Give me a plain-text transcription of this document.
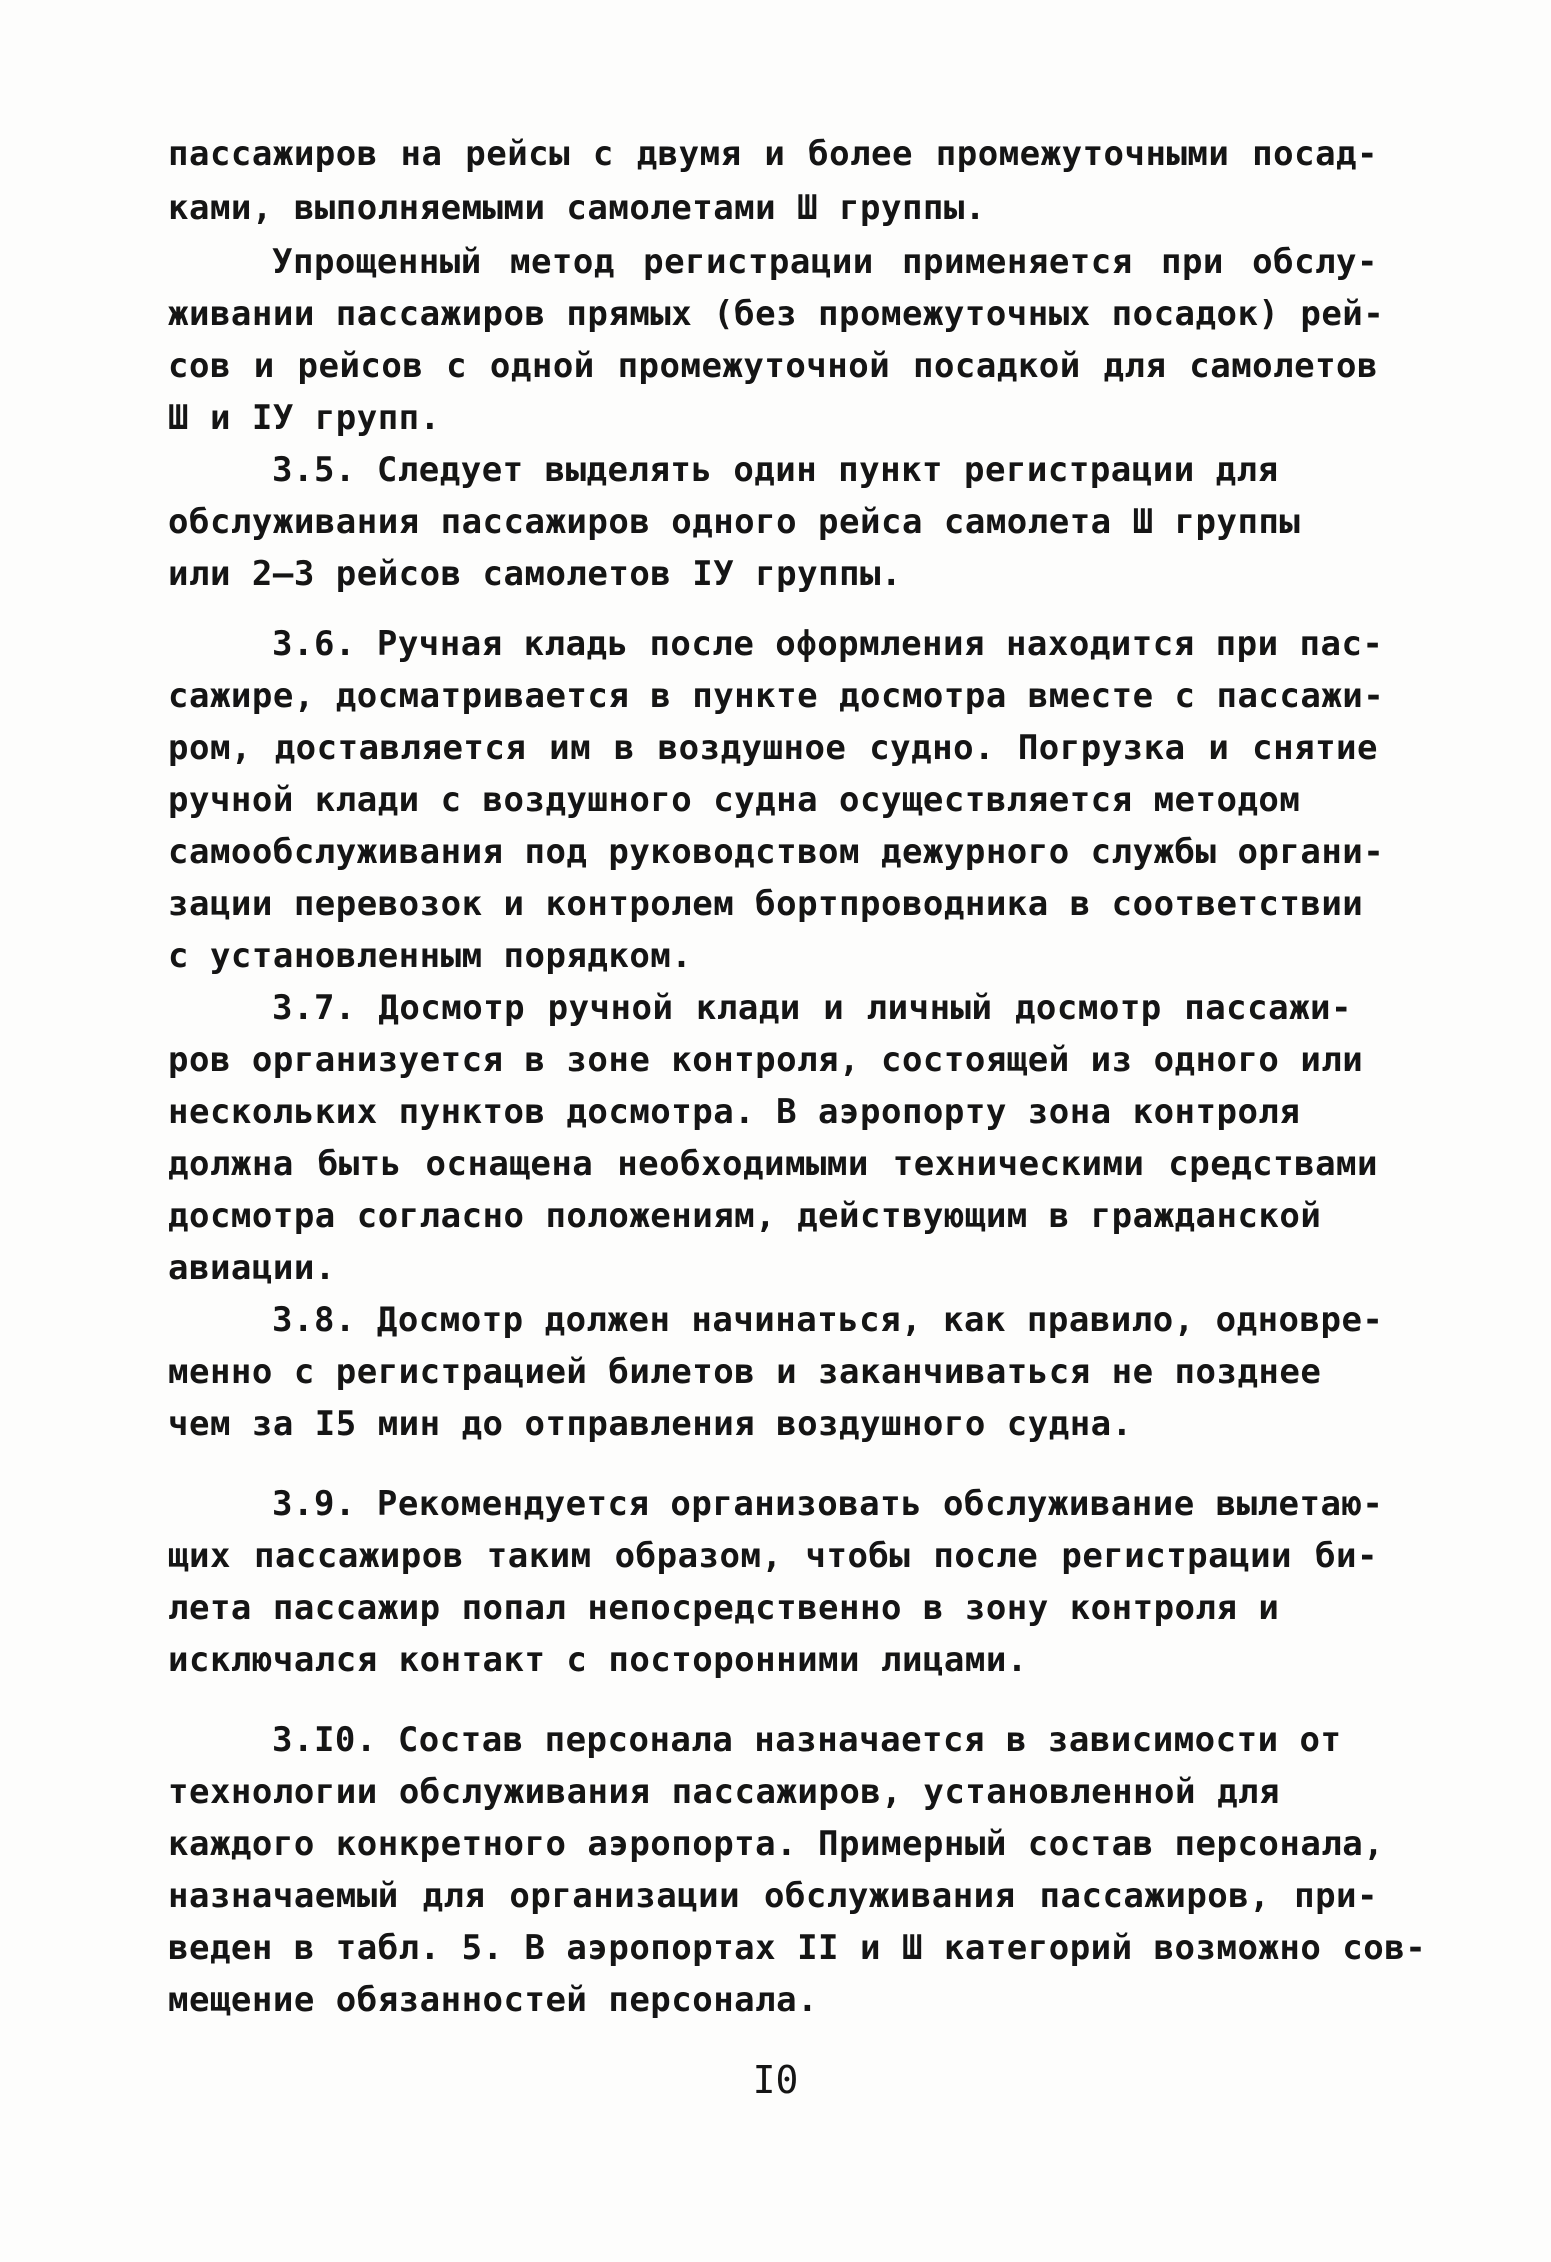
пассажиров на рейсы с двумя и более промежуточными посад-
ками, выполняемыми самолетами Ш группы.
Упрощенный метод регистрации применяется при обслу-
живании пассажиров прямых (без промежуточных посадок) рей-
сов и рейсов с одной промежуточной посадкой для самолетов
Ш и IУ групп.
3.5. Следует выделять один пункт регистрации для
обслуживания пассажиров одного рейса самолета Ш группы
или 2–3 рейсов самолетов IУ группы.
3.6. Ручная кладь после оформления находится при пас-
сажире, досматривается в пункте досмотра вместе с пассажи-
ром, доставляется им в воздушное судно. Погрузка и снятие
ручной клади с воздушного судна осуществляется методом
самообслуживания под руководством дежурного службы органи-
зации перевозок и контролем бортпроводника в соответствии
с установленным порядком.
3.7. Досмотр ручной клади и личный досмотр пассажи-
ров организуется в зоне контроля, состоящей из одного или
нескольких пунктов досмотра. В аэропорту зона контроля
должна быть оснащена необходимыми техническими средствами
досмотра согласно положениям, действующим в гражданской
авиации.
3.8. Досмотр должен начинаться, как правило, одновре-
менно с регистрацией билетов и заканчиваться не позднее
чем за I5 мин до отправления воздушного судна.
3.9. Рекомендуется организовать обслуживание вылетаю-
щих пассажиров таким образом, чтобы после регистрации би-
лета пассажир попал непосредственно в зону контроля и
исключался контакт с посторонними лицами.
3.I0. Состав персонала назначается в зависимости от
технологии обслуживания пассажиров, установленной для
каждого конкретного аэропорта. Примерный состав персонала,
назначаемый для организации обслуживания пассажиров, при-
веден в табл. 5. В аэропортах II и Ш категорий возможно сов-
мещение обязанностей персонала.
I0
